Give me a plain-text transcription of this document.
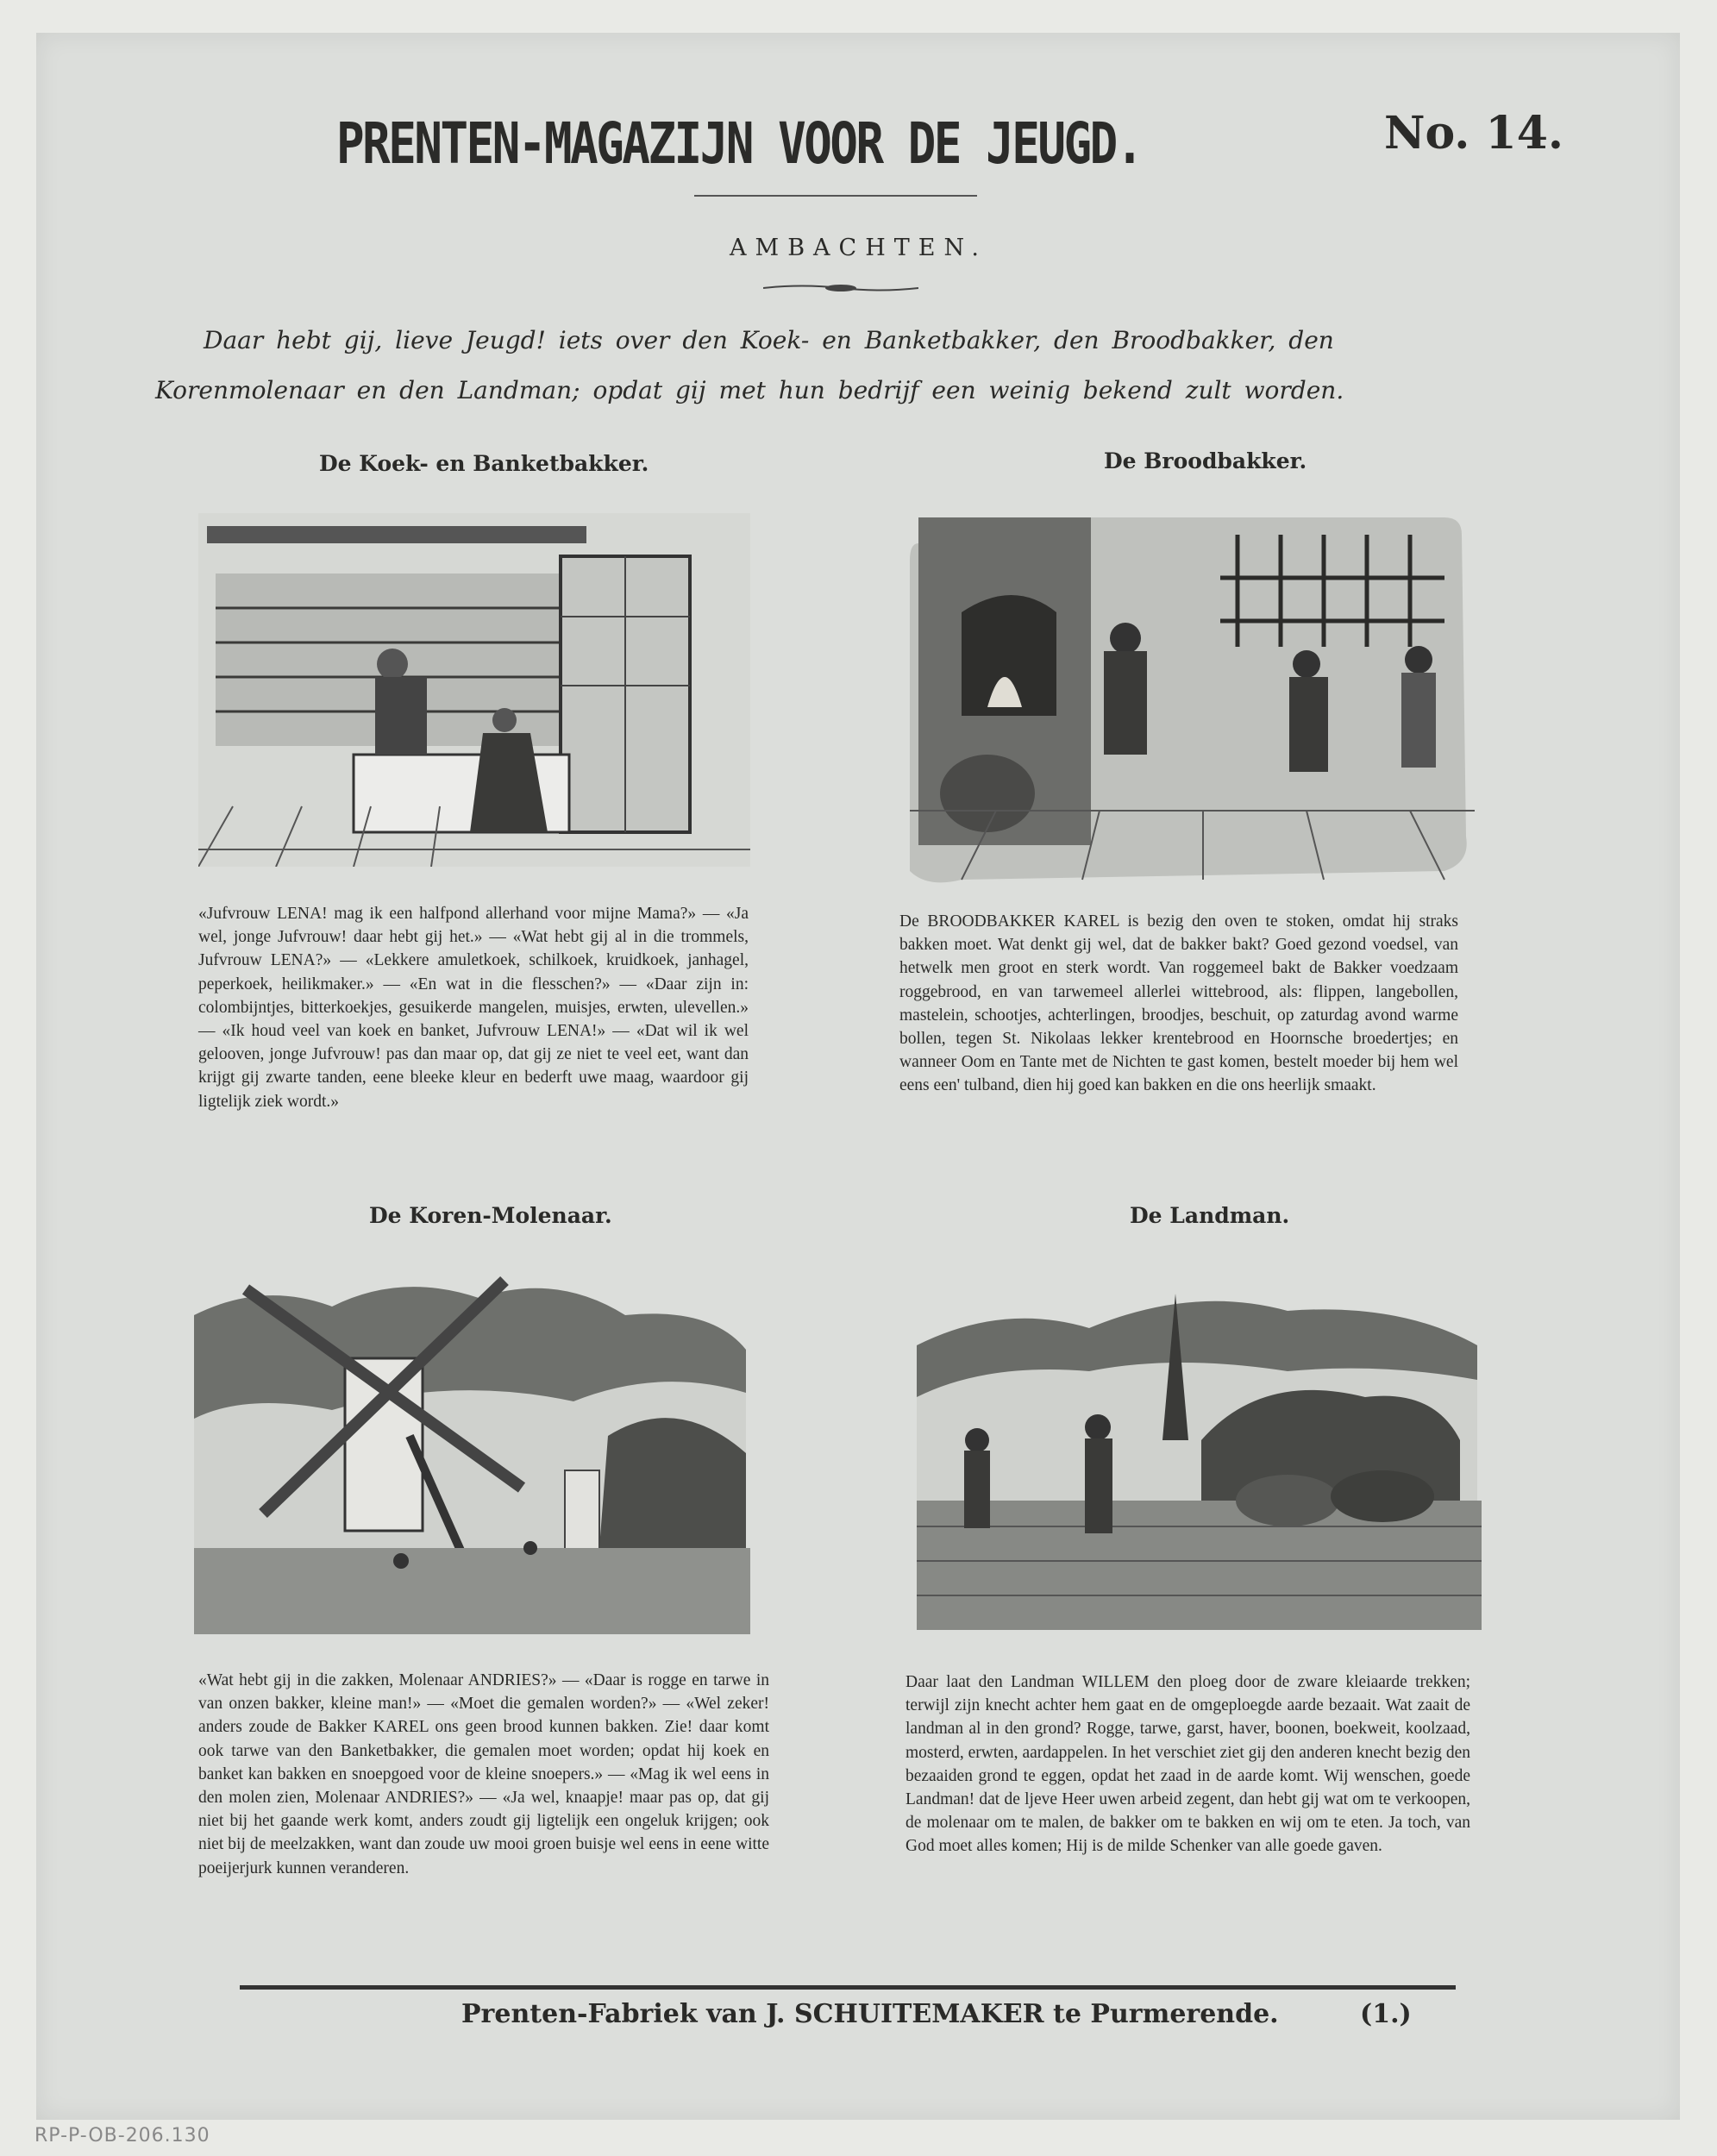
PRENTEN-MAGAZIJN VOOR DE JEUGD.	No. 14.
AMBACHTEN.
Daar hebt gij, lieve Jeugd! iets over den Koek- en Banketbakker, den Broodbakker, den Korenmolenaar en den Landman; opdat gij met hun bedrijf een weinig bekend zult worden.
De Koek- en Banketbakker.
«Jufvrouw LENA! mag ik een halfpond allerhand voor mijne Mama?» — «Ja wel, jonge Jufvrouw! daar hebt gij het.» — «Wat hebt gij al in die trommels, Jufvrouw LENA?» — «Lekkere amuletkoek, schilkoek, kruidkoek, janhagel, peperkoek, heilikmaker.» — «En wat in die flesschen?» — «Daar zijn in: colombijntjes, bitterkoekjes, gesuikerde mangelen, muisjes, erwten, ulevellen.» — «Ik houd veel van koek en banket, Jufvrouw LENA!» — «Dat wil ik wel gelooven, jonge Jufvrouw! pas dan maar op, dat gij ze niet te veel eet, want dan krijgt gij zwarte tanden, eene bleeke kleur en bederft uwe maag, waardoor gij ligtelijk ziek wordt.»
De Broodbakker.
De BROODBAKKER KAREL is bezig den oven te stoken, omdat hij straks bakken moet. Wat denkt gij wel, dat de bakker bakt? Goed gezond voedsel, van hetwelk men groot en sterk wordt. Van roggemeel bakt de Bakker voedzaam roggebrood, en van tarwemeel allerlei wittebrood, als: flippen, langebollen, mastelein, schootjes, achterlingen, broodjes, beschuit, op zaturdag avond warme bollen, tegen St. Nikolaas lekker krentebrood en Hoornsche broedertjes; en wanneer Oom en Tante met de Nichten te gast komen, bestelt moeder bij hem wel eens een' tulband, dien hij goed kan bakken en die ons heerlijk smaakt.
De Koren-Molenaar.
«Wat hebt gij in die zakken, Molenaar ANDRIES?» — «Daar is rogge en tarwe in van onzen bakker, kleine man!» — «Moet die gemalen worden?» — «Wel zeker! anders zoude de Bakker KAREL ons geen brood kunnen bakken. Zie! daar komt ook tarwe van den Banketbakker, die gemalen moet worden; opdat hij koek en banket kan bakken en snoepgoed voor de kleine snoepers.» — «Mag ik wel eens in den molen zien, Molenaar ANDRIES?» — «Ja wel, knaapje! maar pas op, dat gij niet bij het gaande werk komt, anders zoudt gij ligtelijk een ongeluk krijgen; ook niet bij de meelzakken, want dan zoude uw mooi groen buisje wel eens in eene witte poeijerjurk kunnen veranderen.
De Landman.
Daar laat den Landman WILLEM den ploeg door de zware kleiaarde trekken; terwijl zijn knecht achter hem gaat en de omgeploegde aarde bezaait. Wat zaait de landman al in den grond? Rogge, tarwe, garst, haver, boonen, boekweit, koolzaad, mosterd, erwten, aardappelen. In het verschiet ziet gij den anderen knecht bezig den bezaaiden grond te eggen, opdat het zaad in de aarde komt. Wij wenschen, goede Landman! dat de ljeve Heer uwen arbeid zegent, dan hebt gij wat om te verkoopen, de molenaar om te malen, de bakker om te bakken en wij om te eten. Ja toch, van God moet alles komen; Hij is de milde Schenker van alle goede gaven.
Prenten-Fabriek van J. SCHUITEMAKER te Purmerende.	(1.)
RP-P-OB-206.130
